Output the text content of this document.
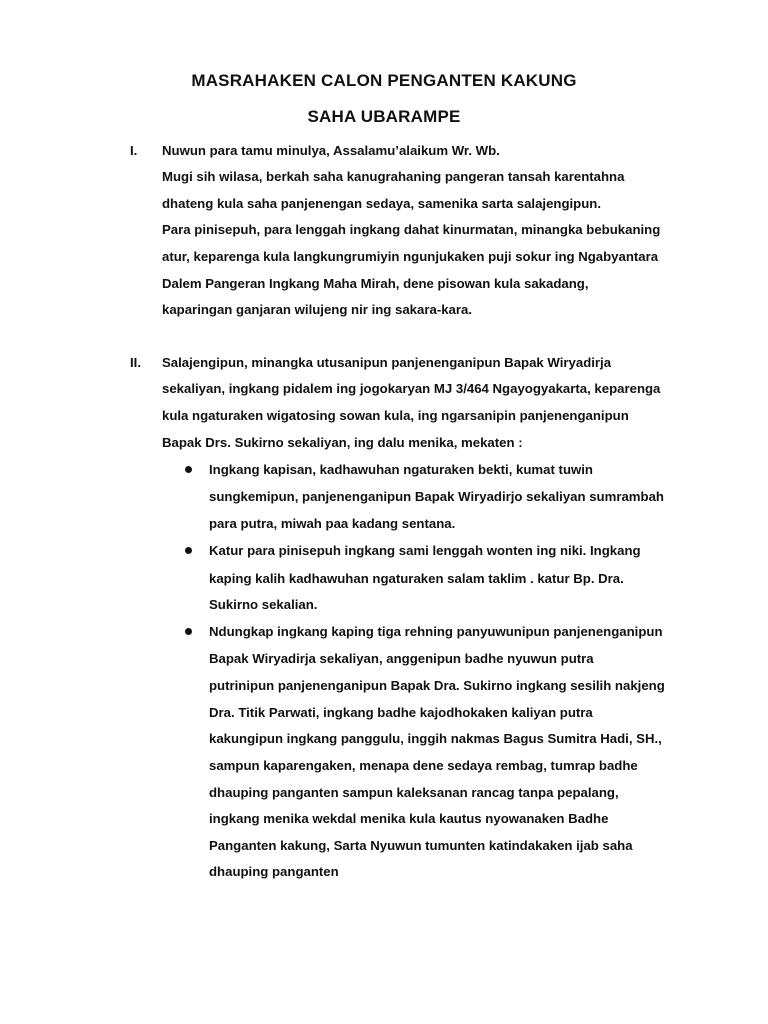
MASRAHAKEN CALON PENGANTEN KAKUNG
SAHA UBARAMPE
I. Nuwun para tamu minulya, Assalamu’alaikum Wr. Wb.
Mugi sih wilasa, berkah saha kanugrahaning pangeran tansah karentahna
dhateng kula saha panjenengan sedaya, samenika sarta salajengipun.
Para pinisepuh, para lenggah ingkang dahat kinurmatan, minangka bebukaning
atur, keparenga kula langkungrumiyin ngunjukaken puji sokur ing Ngabyantara
Dalem Pangeran Ingkang Maha Mirah, dene pisowan kula sakadang,
kaparingan ganjaran wilujeng nir ing sakara-kara.
II. Salajengipun, minangka utusanipun panjenenganipun Bapak Wiryadirja
sekaliyan, ingkang pidalem ing jogokaryan MJ 3/464 Ngayogyakarta, keparenga
kula ngaturaken wigatosing sowan kula, ing ngarsanipin panjenenganipun
Bapak Drs. Sukirno sekaliyan, ing dalu menika, mekaten :
Ingkang kapisan, kadhawuhan ngaturaken bekti, kumat tuwin
sungkemipun, panjenenganipun Bapak Wiryadirjo sekaliyan sumrambah
para putra, miwah paa kadang sentana.
Katur para pinisepuh ingkang sami lenggah wonten ing niki. Ingkang
kaping kalih kadhawuhan ngaturaken salam taklim . katur Bp. Dra.
Sukirno sekalian.
Ndungkap ingkang kaping tiga rehning panyuwunipun panjenenganipun
Bapak Wiryadirja sekaliyan, anggenipun badhe nyuwun putra
putrinipun panjenenganipun Bapak Dra. Sukirno ingkang sesilih nakjeng
Dra. Titik Parwati, ingkang badhe kajodhokaken kaliyan putra
kakungipun ingkang panggulu, inggih nakmas Bagus Sumitra Hadi, SH.,
sampun kaparengaken, menapa dene sedaya rembag, tumrap badhe
dhauping panganten sampun kaleksanan rancag tanpa pepalang,
ingkang menika wekdal menika kula kautus nyowanaken Badhe
Panganten kakung, Sarta Nyuwun tumunten katindakaken ijab saha
dhauping panganten
